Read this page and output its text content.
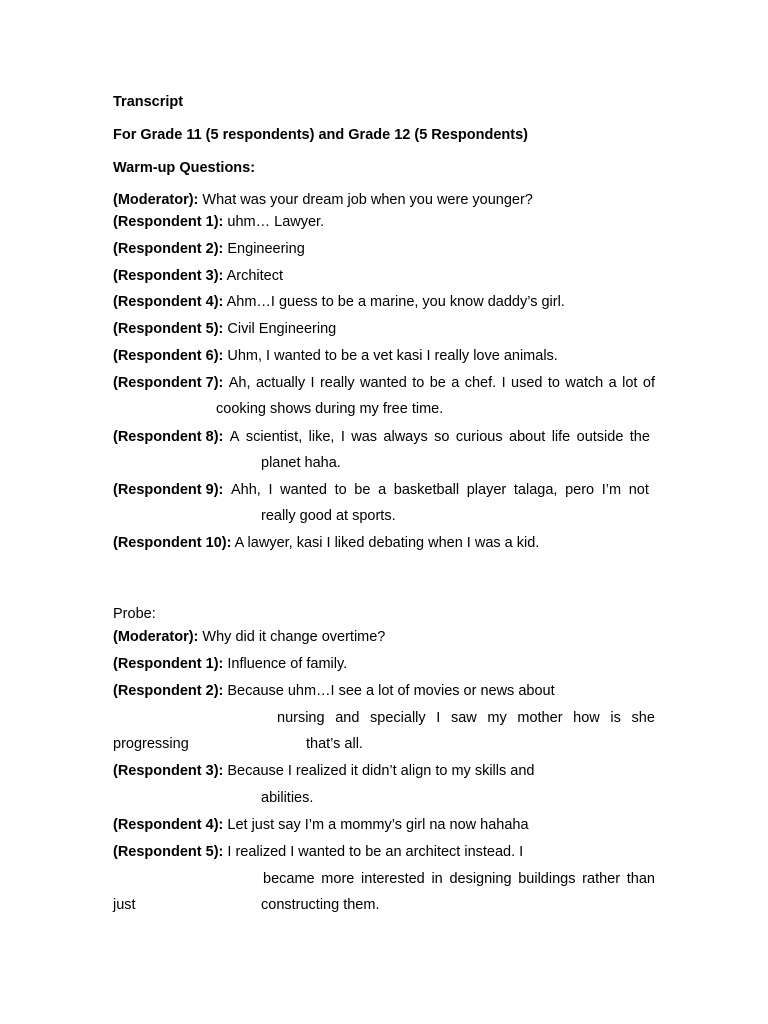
Transcript
For Grade 11 (5 respondents) and Grade 12 (5 Respondents)
Warm-up Questions:
(Moderator): What was your dream job when you were younger?
(Respondent 1): uhm… Lawyer.
(Respondent 2): Engineering
(Respondent 3): Architect
(Respondent 4): Ahm…I guess to be a marine, you know daddy’s girl.
(Respondent 5): Civil Engineering
(Respondent 6): Uhm, I wanted to be a vet kasi I really love animals.
(Respondent 7): Ah, actually I really wanted to be a chef. I used to watch a lot of
cooking shows during my free time.
(Respondent 8): A scientist, like, I was always so curious about life outside the
planet haha.
(Respondent 9): Ahh, I wanted to be a basketball player talaga, pero I’m not
really good at sports.
(Respondent 10): A lawyer, kasi I liked debating when I was a kid.
Probe:
(Moderator): Why did it change overtime?
(Respondent 1): Influence of family.
(Respondent 2): Because uhm…I see a lot of movies or news about
nursing and specially I saw my mother how is she
progressing	that’s all.
(Respondent 3): Because I realized it didn’t align to my skills and
abilities.
(Respondent 4): Let just say I’m a mommy’s girl na now hahaha
(Respondent 5): I realized I wanted to be an architect instead. I
became more interested in designing buildings rather than
just	constructing them.
